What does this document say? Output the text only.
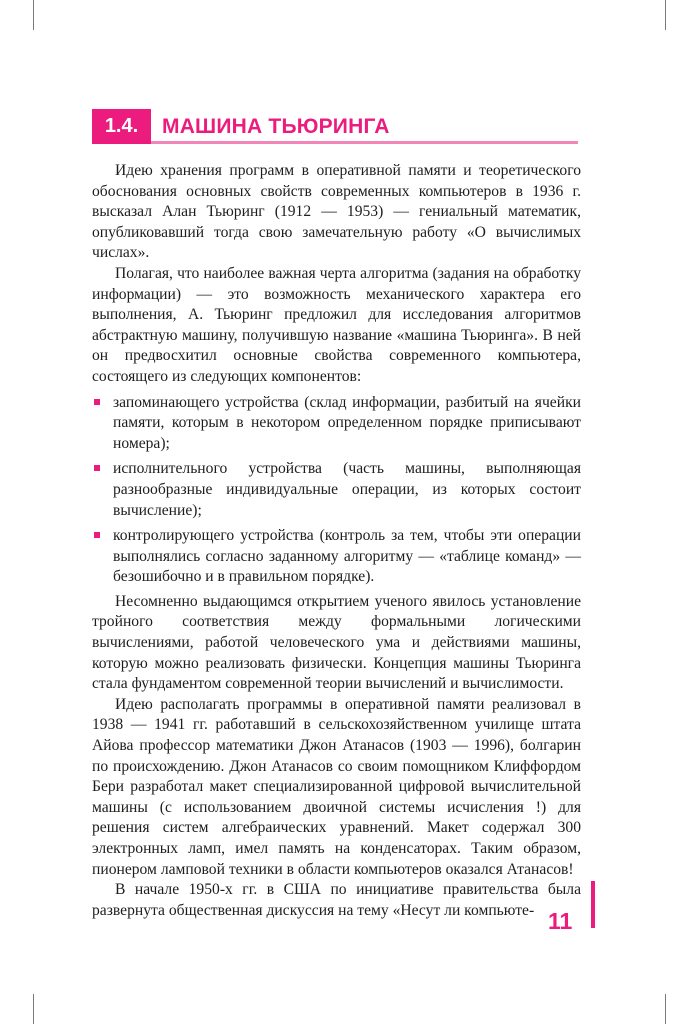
1.4.	МАШИНА ТЬЮРИНГА

Идею хранения программ в оперативной памяти и теоретического обоснования основных свойств современных компьютеров в 1936 г. высказал Алан Тьюринг (1912 — 1953) — гениальный математик, опубликовавший тогда свою замечательную работу «О вычислимых числах».

Полагая, что наиболее важная черта алгоритма (задания на обработку информации) — это возможность механического характера его выполнения, А. Тьюринг предложил для исследования алгоритмов абстрактную машину, получившую название «машина Тьюринга». В ней он предвосхитил основные свойства современного компьютера, состоящего из следующих компонентов:

запоминающего устройства (склад информации, разбитый на ячейки памяти, которым в некотором определенном порядке приписывают номера);
исполнительного устройства (часть машины, выполняющая разнообразные индивидуальные операции, из которых состоит вычисление);
контролирующего устройства (контроль за тем, чтобы эти операции выполнялись согласно заданному алгоритму — «таблице команд» — безошибочно и в правильном порядке).

Несомненно выдающимся открытием ученого явилось установление тройного соответствия между формальными логическими вычислениями, работой человеческого ума и действиями машины, которую можно реализовать физически. Концепция машины Тьюринга стала фундаментом современной теории вычислений и вычислимости.

Идею располагать программы в оперативной памяти реализовал в 1938 — 1941 гг. работавший в сельскохозяйственном училище штата Айова профессор математики Джон Атанасов (1903 — 1996), болгарин по происхождению. Джон Атанасов со своим помощником Клиффордом Бери разработал макет специализированной цифровой вычислительной машины (с использованием двоичной системы исчисления !) для решения систем алгебраических уравнений. Макет содержал 300 электронных ламп, имел память на конденсаторах. Таким образом, пионером ламповой техники в области компьютеров оказался Атанасов!

В начале 1950-х гг. в США по инициативе правительства была развернута общественная дискуссия на тему «Несут ли компьюте- 11
